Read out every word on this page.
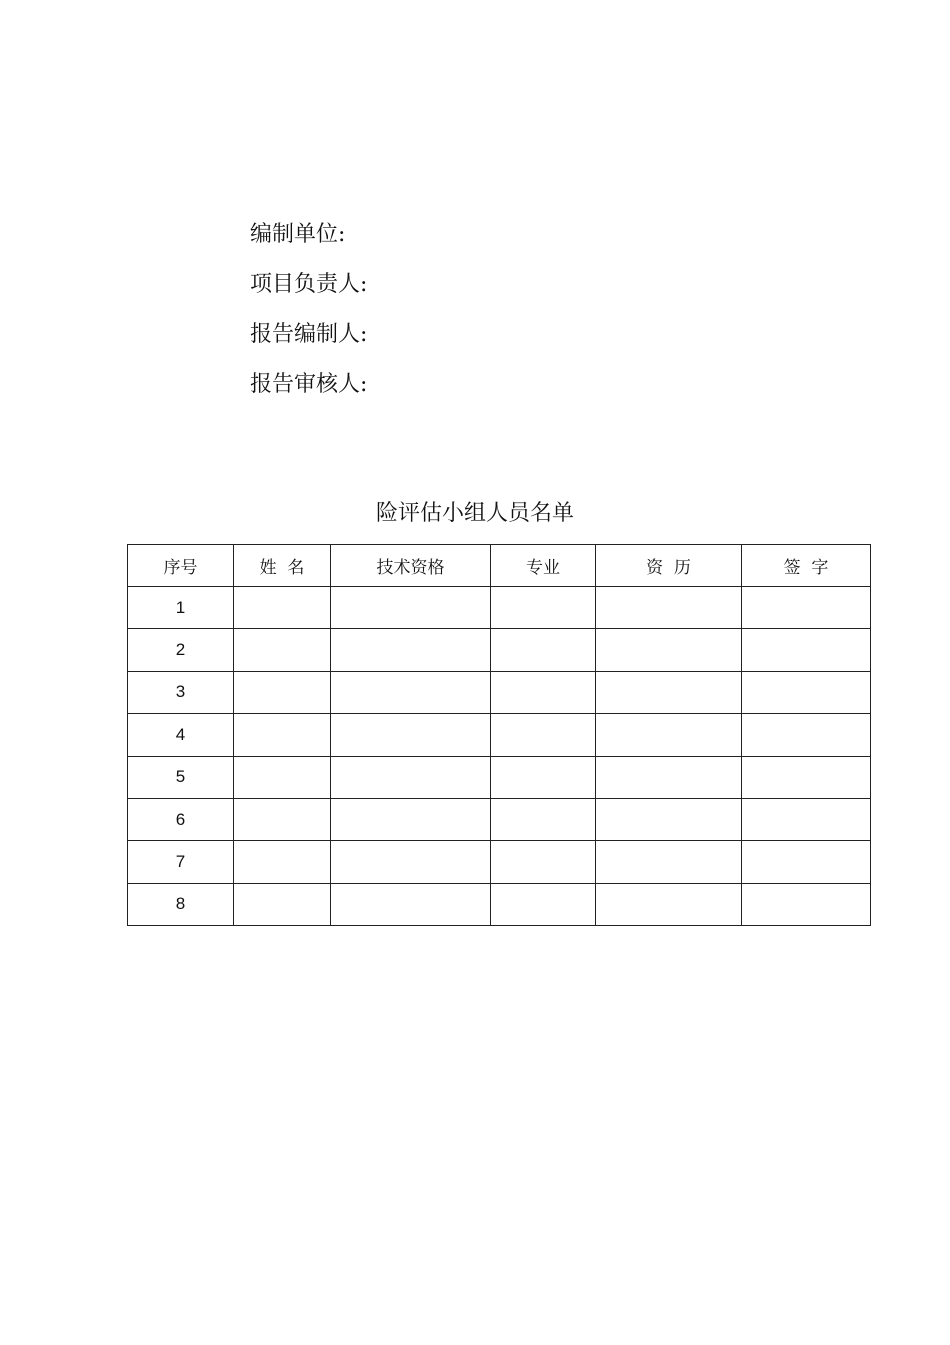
编制单位:
项目负责人:
报告编制人:
报告审核人:
险评估小组人员名单
序号	姓  名	技术资格	专业	资  历	签  字
1					
2					
3					
4					
5					
6					
7					
8					
